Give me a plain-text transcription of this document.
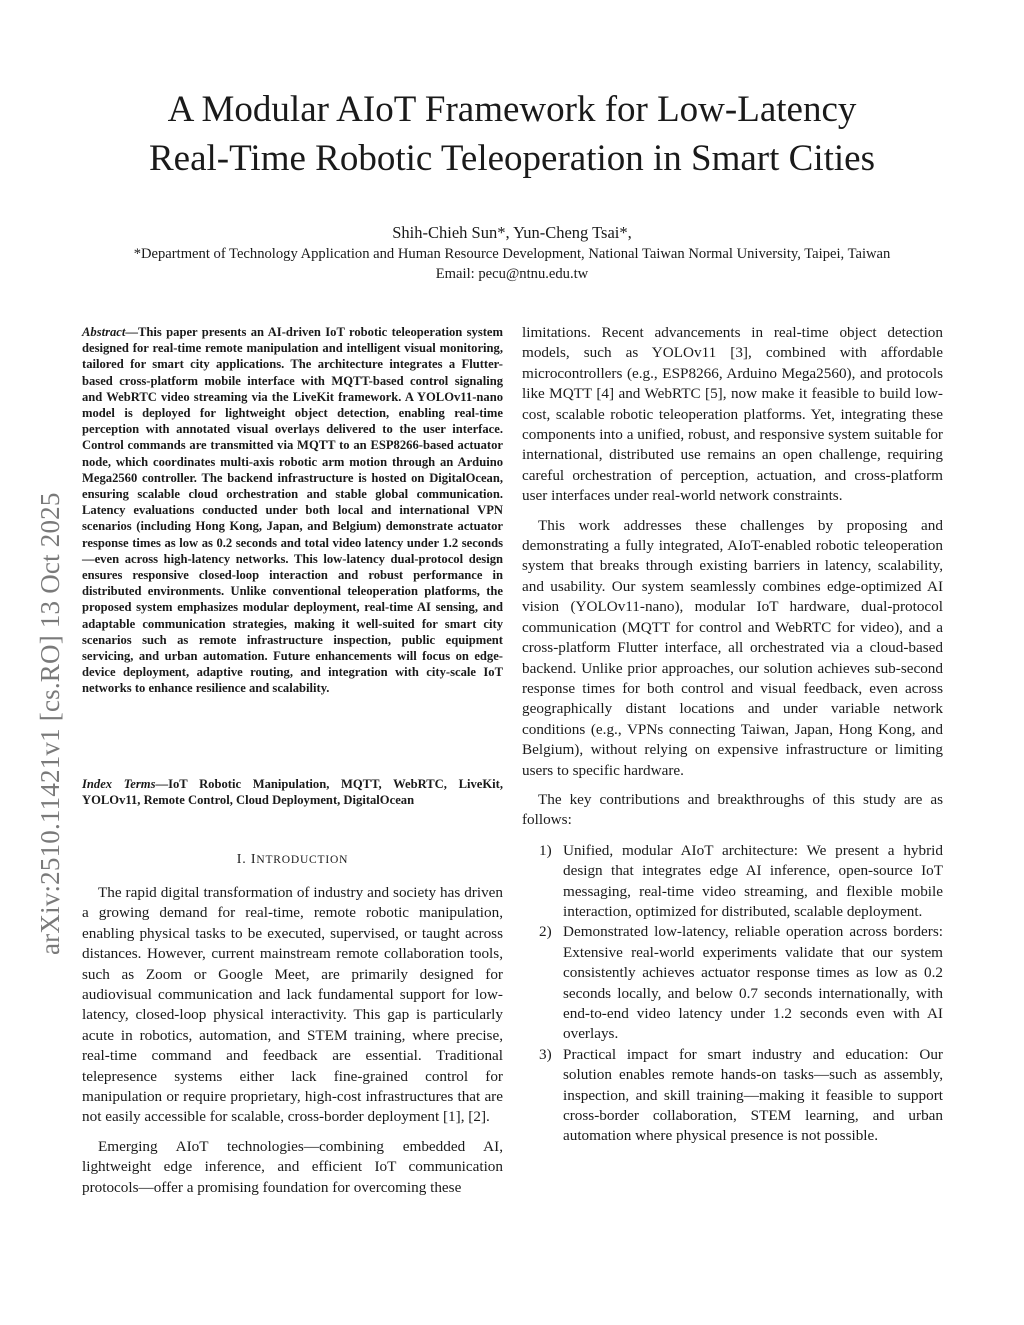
arXiv:2510.11421v1 [cs.RO] 13 Oct 2025
A Modular AIoT Framework for Low-Latency
Real-Time Robotic Teleoperation in Smart Cities
Shih-Chieh Sun*, Yun-Cheng Tsai*,
*Department of Technology Application and Human Resource Development, National Taiwan Normal University, Taipei, Taiwan
Email: pecu@ntnu.edu.tw
Abstract—This paper presents an AI-driven IoT robotic teleoperation system designed for real-time remote manipulation and intelligent visual monitoring, tailored for smart city applications. The architecture integrates a Flutter-based cross-platform mobile interface with MQTT-based control signaling and WebRTC video streaming via the LiveKit framework. A YOLOv11-nano model is deployed for lightweight object detection, enabling real-time perception with annotated visual overlays delivered to the user interface. Control commands are transmitted via MQTT to an ESP8266-based actuator node, which coordinates multi-axis robotic arm motion through an Arduino Mega2560 controller. The backend infrastructure is hosted on DigitalOcean, ensuring scalable cloud orchestration and stable global communication. Latency evaluations conducted under both local and international VPN scenarios (including Hong Kong, Japan, and Belgium) demonstrate actuator response times as low as 0.2 seconds and total video latency under 1.2 seconds—even across high-latency networks. This low-latency dual-protocol design ensures responsive closed-loop interaction and robust performance in distributed environments. Unlike conventional teleoperation platforms, the proposed system emphasizes modular deployment, real-time AI sensing, and adaptable communication strategies, making it well-suited for smart city scenarios such as remote infrastructure inspection, public equipment servicing, and urban automation. Future enhancements will focus on edge-device deployment, adaptive routing, and integration with city-scale IoT networks to enhance resilience and scalability.
Index Terms—IoT Robotic Manipulation, MQTT, WebRTC, LiveKit, YOLOv11, Remote Control, Cloud Deployment, DigitalOcean
I. INTRODUCTION

The rapid digital transformation of industry and society has driven a growing demand for real-time, remote robotic manipulation, enabling physical tasks to be executed, supervised, or taught across distances. However, current mainstream remote collaboration tools, such as Zoom or Google Meet, are primarily designed for audiovisual communication and lack fundamental support for low-latency, closed-loop physical interactivity. This gap is particularly acute in robotics, automation, and STEM training, where precise, real-time command and feedback are essential. Traditional telepresence systems either lack fine-grained control for manipulation or require proprietary, high-cost infrastructures that are not easily accessible for scalable, cross-border deployment [1], [2].

Emerging AIoT technologies—combining embedded AI, lightweight edge inference, and efficient IoT communication protocols—offer a promising foundation for overcoming these

limitations. Recent advancements in real-time object detection models, such as YOLOv11 [3], combined with affordable microcontrollers (e.g., ESP8266, Arduino Mega2560), and protocols like MQTT [4] and WebRTC [5], now make it feasible to build low-cost, scalable robotic teleoperation platforms. Yet, integrating these components into a unified, robust, and responsive system suitable for international, distributed use remains an open challenge, requiring careful orchestration of perception, actuation, and cross-platform user interfaces under real-world network constraints.

This work addresses these challenges by proposing and demonstrating a fully integrated, AIoT-enabled robotic teleoperation system that breaks through existing barriers in latency, scalability, and usability. Our system seamlessly combines edge-optimized AI vision (YOLOv11-nano), modular IoT hardware, dual-protocol communication (MQTT for control and WebRTC for video), and a cross-platform Flutter interface, all orchestrated via a cloud-based backend. Unlike prior approaches, our solution achieves sub-second response times for both control and visual feedback, even across geographically distant locations and under variable network conditions (e.g., VPNs connecting Taiwan, Japan, Hong Kong, and Belgium), without relying on expensive infrastructure or limiting users to specific hardware.

The key contributions and breakthroughs of this study are as follows:

1) Unified, modular AIoT architecture: We present a hybrid design that integrates edge AI inference, open-source IoT messaging, real-time video streaming, and flexible mobile interaction, optimized for distributed, scalable deployment.
2) Demonstrated low-latency, reliable operation across borders: Extensive real-world experiments validate that our system consistently achieves actuator response times as low as 0.2 seconds locally, and below 0.7 seconds internationally, with end-to-end video latency under 1.2 seconds even with AI overlays.
3) Practical impact for smart industry and education: Our solution enables remote hands-on tasks—such as assembly, inspection, and skill training—making it feasible to support cross-border collaboration, STEM learning, and urban automation where physical presence is not possible.
